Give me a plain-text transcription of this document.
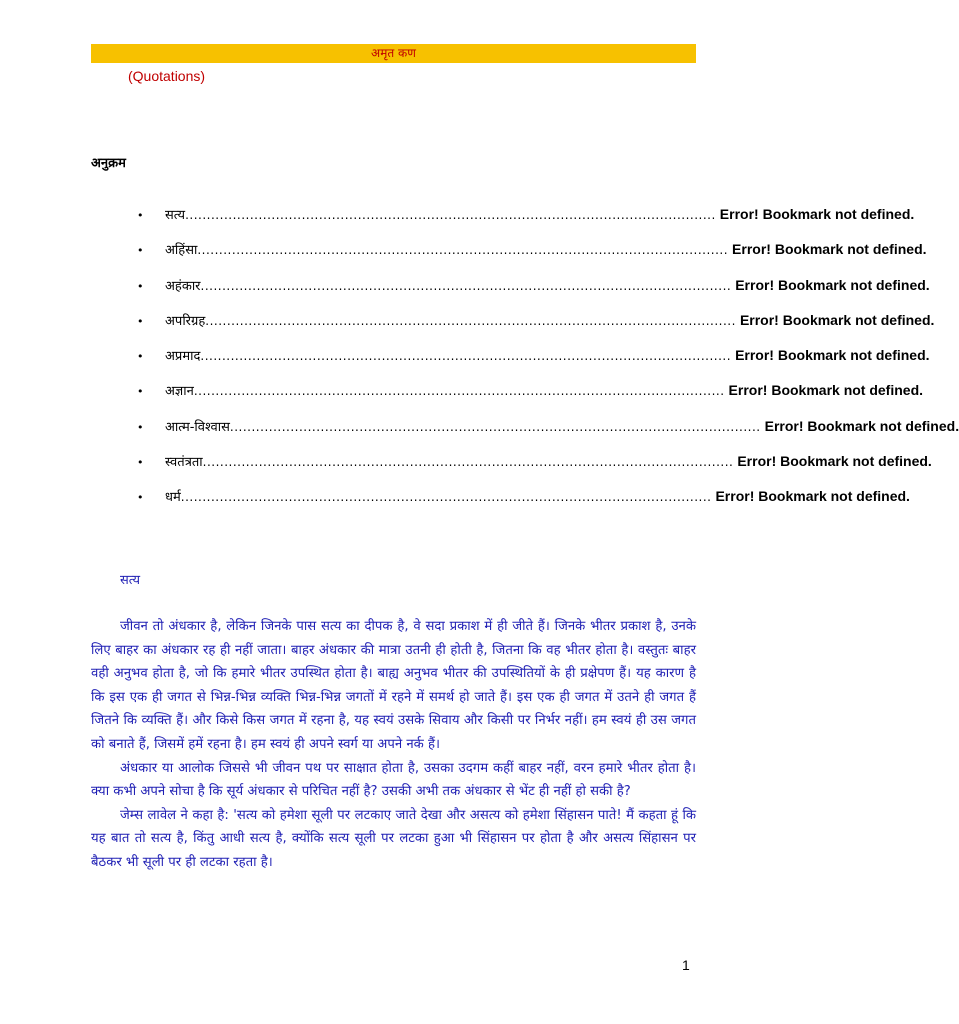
अमृत कण
(Quotations)
अनुक्रम
•	सत्य ........................................................................................................................... Error! Bookmark not defined.
•	अहिंसा ........................................................................................................................... Error! Bookmark not defined.
•	अहंकार ........................................................................................................................... Error! Bookmark not defined.
•	अपरिग्रह ........................................................................................................................... Error! Bookmark not defined.
•	अप्रमाद ........................................................................................................................... Error! Bookmark not defined.
•	अज्ञान ........................................................................................................................... Error! Bookmark not defined.
•	आत्म-विश्वास ........................................................................................................................... Error! Bookmark not defined.
•	स्वतंत्रता ........................................................................................................................... Error! Bookmark not defined.
•	धर्म ........................................................................................................................... Error! Bookmark not defined.
सत्य

जीवन तो अंधकार है, लेकिन जिनके पास सत्य का दीपक है, वे सदा प्रकाश में ही जीते हैं। जिनके भीतर प्रकाश है, उनके लिए बाहर का अंधकार रह ही नहीं जाता। बाहर अंधकार की मात्रा उतनी ही होती है, जितना कि वह भीतर होता है। वस्तुतः बाहर वही अनुभव होता है, जो कि हमारे भीतर उपस्थित होता है। बाह्य अनुभव भीतर की उपस्थितियों के ही प्रक्षेपण हैं। यह कारण है कि इस एक ही जगत से भिन्न-भिन्न व्यक्ति भिन्न-भिन्न जगतों में रहने में समर्थ हो जाते हैं। इस एक ही जगत में उतने ही जगत हैं जितने कि व्यक्ति हैं। और किसे किस जगत में रहना है, यह स्वयं उसके सिवाय और किसी पर निर्भर नहीं। हम स्वयं ही उस जगत को बनाते हैं, जिसमें हमें रहना है। हम स्वयं ही अपने स्वर्ग या अपने नर्क हैं।

अंधकार या आलोक जिससे भी जीवन पथ पर साक्षात होता है, उसका उदगम कहीं बाहर नहीं, वरन हमारे भीतर होता है। क्या कभी अपने सोचा है कि सूर्य अंधकार से परिचित नहीं है? उसकी अभी तक अंधकार से भेंट ही नहीं हो सकी है?

जेम्स लावेल ने कहा है: 'सत्य को हमेशा सूली पर लटकाए जाते देखा और असत्य को हमेशा सिंहासन पाते! मैं कहता हूं कि यह बात तो सत्य है, किंतु आधी सत्य है, क्योंकि सत्य सूली पर लटका हुआ भी सिंहासन पर होता है और असत्य सिंहासन पर बैठकर भी सूली पर ही लटका रहता है।

1
